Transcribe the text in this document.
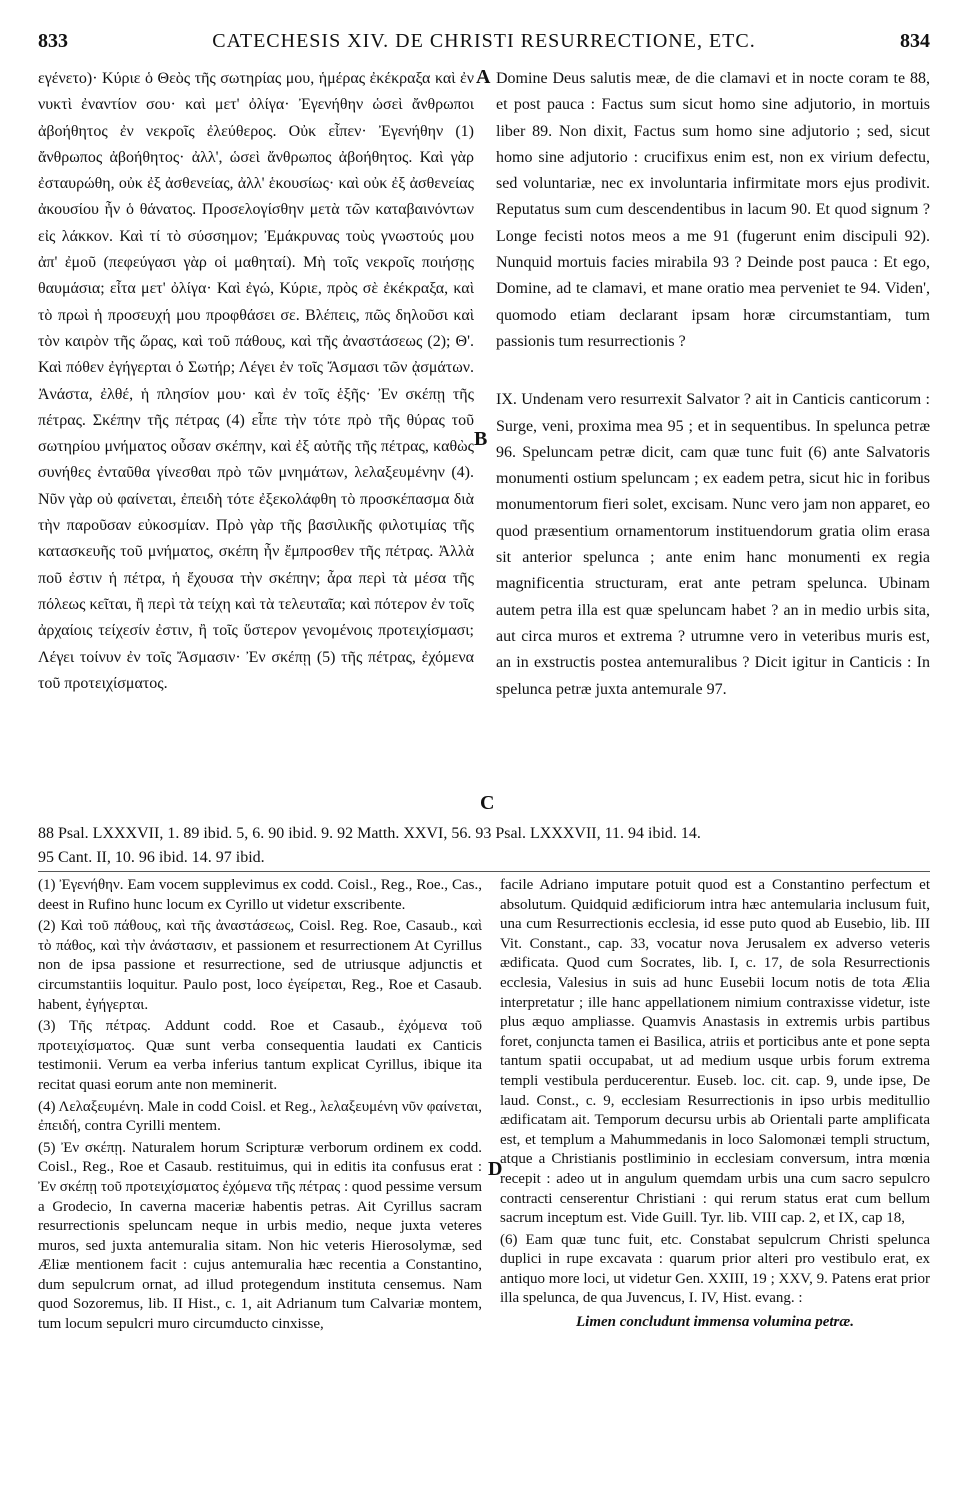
833	CATECHESIS XIV. DE CHRISTI RESURRECTIONE, ETC.	834

εγένετο)· Κύριε ὁ Θεὸς τῆς σωτηρίας μου, ἡμέρας ἐκέκραξα καὶ ἐν νυκτὶ ἐναντίον σου· καὶ μετ' ὀλίγα· Ἐγενήθην ὡσεὶ ἄνθρωποι ἀβοήθητος ἐν νεκροῖς ἐλεύθερος. Οὐκ εἶπεν· Ἐγενήθην (1) ἄνθρωπος ἀβοήθητος· ἀλλ', ὡσεὶ ἄνθρωπος ἀβοήθητος. Καὶ γὰρ ἐσταυρώθη, οὐκ ἐξ ἀσθενείας, ἀλλ' ἑκουσίως· καὶ οὐκ ἐξ ἀσθενείας ἀκουσίου ἦν ὁ θάνατος. Προσελογίσθην μετὰ τῶν καταβαινόντων εἰς λάκκον. Καὶ τί τὸ σύσσημον; Ἐμάκρυνας τοὺς γνωστούς μου ἀπ' ἐμοῦ (πεφεύγασι γὰρ οἱ μαθηταί). Μὴ τοῖς νεκροῖς ποιήσῃς θαυμάσια; εἶτα μετ' ὀλίγα· Καὶ ἐγώ, Κύριε, πρὸς σὲ ἐκέκραξα, καὶ τὸ πρωὶ ἡ προσευχή μου προφθάσει σε. Βλέπεις, πῶς δηλοῦσι καὶ τὸν καιρὸν τῆς ὥρας, καὶ τοῦ πάθους, καὶ τῆς ἀναστάσεως (2); Θ'. Καὶ πόθεν ἐγήγερται ὁ Σωτήρ; Λέγει ἐν τοῖς Ἄσμασι τῶν ᾀσμάτων. Ἀνάστα, ἐλθέ, ἡ πλησίον μου· καὶ ἐν τοῖς ἑξῆς· Ἐν σκέπῃ τῆς πέτρας. Σκέπην τῆς πέτρας (4) εἶπε τὴν τότε πρὸ τῆς θύρας τοῦ σωτηρίου μνήματος οὖσαν σκέπην, καὶ ἐξ αὐτῆς τῆς πέτρας, καθὼς συνήθες ἐνταῦθα γίνεσθαι πρὸ τῶν μνημάτων, λελαξευμένην (4). Νῦν γὰρ οὐ φαίνεται, ἐπειδὴ τότε ἐξεκολάφθη τὸ προσκέπασμα διὰ τὴν παροῦσαν εὐκοσμίαν. Πρὸ γὰρ τῆς βασιλικῆς φιλοτιμίας τῆς κατασκευῆς τοῦ μνήματος, σκέπη ἦν ἔμπροσθεν τῆς πέτρας. Ἀλλὰ ποῦ ἐστιν ἡ πέτρα, ἡ ἔχουσα τὴν σκέπην; ἆρα περὶ τὰ μέσα τῆς πόλεως κεῖται, ἢ περὶ τὰ τείχη καὶ τὰ τελευταῖα; καὶ πότερον ἐν τοῖς ἀρχαίοις τείχεσίν ἐστιν, ἢ τοῖς ὕστερον γενομένοις προτειχίσμασι; Λέγει τοίνυν ἐν τοῖς Ἄσμασιν· Ἐν σκέπῃ (5) τῆς πέτρας, ἐχόμενα τοῦ προτειχίσματος.

Domine Deus salutis meæ, de die clamavi et in nocte coram te 88, et post pauca : Factus sum sicut homo sine adjutorio, in mortuis liber 89. Non dixit, Factus sum homo sine adjutorio ; sed, sicut homo sine adjutorio : crucifixus enim est, non ex virium defectu, sed voluntariæ, nec ex involuntaria infirmitate mors ejus prodivit. Reputatus sum cum descendentibus in lacum 90. Et quod signum ? Longe fecisti notos meos a me 91 (fugerunt enim discipuli 92). Nunquid mortuis facies mirabila 93 ? Deinde post pauca : Et ego, Domine, ad te clamavi, et mane oratio mea perveniet te 94. Viden', quomodo etiam declarant ipsam horæ circumstantiam, tum passionis tum resurrectionis ?

IX. Undenam vero resurrexit Salvator ? ait in Canticis canticorum : Surge, veni, proxima mea 95 ; et in sequentibus. In spelunca petræ 96. Speluncam petræ dicit, cam quæ tunc fuit (6) ante Salvatoris monumenti ostium speluncam ; ex eadem petra, sicut hic in foribus monumentorum fieri solet, excisam. Nunc vero jam non apparet, eo quod præsentium ornamentorum instituendorum gratia olim erasa sit anterior spelunca ; ante enim hanc monumenti ex regia magnificentia structuram, erat ante petram spelunca. Ubinam autem petra illa est quæ speluncam habet ? an in medio urbis sita, aut circa muros et extrema ? utrumne vero in veteribus muris est, an in exstructis postea antemuralibus ? Dicit igitur in Canticis : In spelunca petræ juxta antemurale 97.

A
B
C
D
88 Psal. LXXXVII, 1. 89 ibid. 5, 6. 90 ibid. 9. 92 Matth. XXVI, 56. 93 Psal. LXXXVII, 11. 94 ibid. 14.
95 Cant. II, 10. 96 ibid. 14. 97 ibid.

(1) Ἐγενήθην. Eam vocem supplevimus ex codd. Coisl., Reg., Roe., Cas., deest in Rufino hunc locum ex Cyrillo ut videtur exscribente.

(2) Καὶ τοῦ πάθους, καὶ τῆς ἀναστάσεως, Coisl. Reg. Roe, Casaub., καὶ τὸ πάθος, καὶ τὴν ἀνάστασιν, et passionem et resurrectionem At Cyrillus non de ipsa passione et resurrectione, sed de utriusque adjunctis et circumstantiis loquitur. Paulo post, loco ἐγείρεται, Reg., Roe et Casaub. habent, ἐγήγερται.

(3) Τῆς πέτρας. Addunt codd. Roe et Casaub., ἐχόμενα τοῦ προτειχίσματος. Quæ sunt verba consequentia laudati ex Canticis testimonii. Verum ea verba inferius tantum explicat Cyrillus, ibique ita recitat quasi eorum ante non meminerit.

(4) Λελαξευμένη. Male in codd Coisl. et Reg., λελαξευμένη νῦν φαίνεται, ἐπειδή, contra Cyrilli mentem.

(5) Ἐν σκέπῃ. Naturalem horum Scripturæ verborum ordinem ex codd. Coisl., Reg., Roe et Casaub. restituimus, qui in editis ita confusus erat : Ἐν σκέπῃ τοῦ προτειχίσματος ἐχόμενα τῆς πέτρας : quod pessime versum a Grodecio, In caverna maceriæ habentis petras. Ait Cyrillus sacram resurrectionis speluncam neque in urbis medio, neque juxta veteres muros, sed juxta antemuralia sitam. Non hic veteris Hierosolymæ, sed Æliæ mentionem facit : cujus antemuralia hæc recentia a Constantino, dum sepulcrum ornat, ad illud protegendum instituta censemus. Nam quod Sozoremus, lib. II Hist., c. 1, ait Adrianum tum Calvariæ montem, tum locum sepulcri muro circumducto cinxisse,

facile Adriano imputare potuit quod est a Constantino perfectum et absolutum. Quidquid ædificiorum intra hæc antemularia inclusum fuit, una cum Resurrectionis ecclesia, id esse puto quod ab Eusebio, lib. III Vit. Constant., cap. 33, vocatur nova Jerusalem ex adverso veteris ædificata. Quod cum Socrates, lib. I, c. 17, de sola Resurrectionis ecclesia, Valesius in suis ad hunc Eusebii locum notis de tota Ælia interpretatur ; ille hanc appellationem nimium contraxisse videtur, iste plus æquo ampliasse. Quamvis Anastasis in extremis urbis partibus foret, conjuncta tamen ei Basilica, atriis et porticibus ante et pone septa tantum spatii occupabat, ut ad medium usque urbis forum extrema templi vestibula perducerentur. Euseb. loc. cit. cap. 9, unde ipse, De laud. Const., c. 9, ecclesiam Resurrectionis in ipso urbis meditullio ædificatam ait. Temporum decursu urbis ab Orientali parte amplificata est, et templum a Mahummedanis in loco Salomonæi templi structum, atque a Christianis postliminio in ecclesiam conversum, intra mœnia recepit : adeo ut in angulum quemdam urbis una cum sacro sepulcro contracti censerentur Christiani : qui rerum status erat cum bellum sacrum inceptum est. Vide Guill. Tyr. lib. VIII cap. 2, et IX, cap 18,

(6) Eam quæ tunc fuit, etc. Constabat sepulcrum Christi spelunca duplici in rupe excavata : quarum prior alteri pro vestibulo erat, ex antiquo more loci, ut videtur Gen. XXIII, 19 ; XXV, 9. Patens erat prior illa spelunca, de qua Juvencus, I. IV, Hist. evang. :

Limen concludunt immensa volumina petræ.
